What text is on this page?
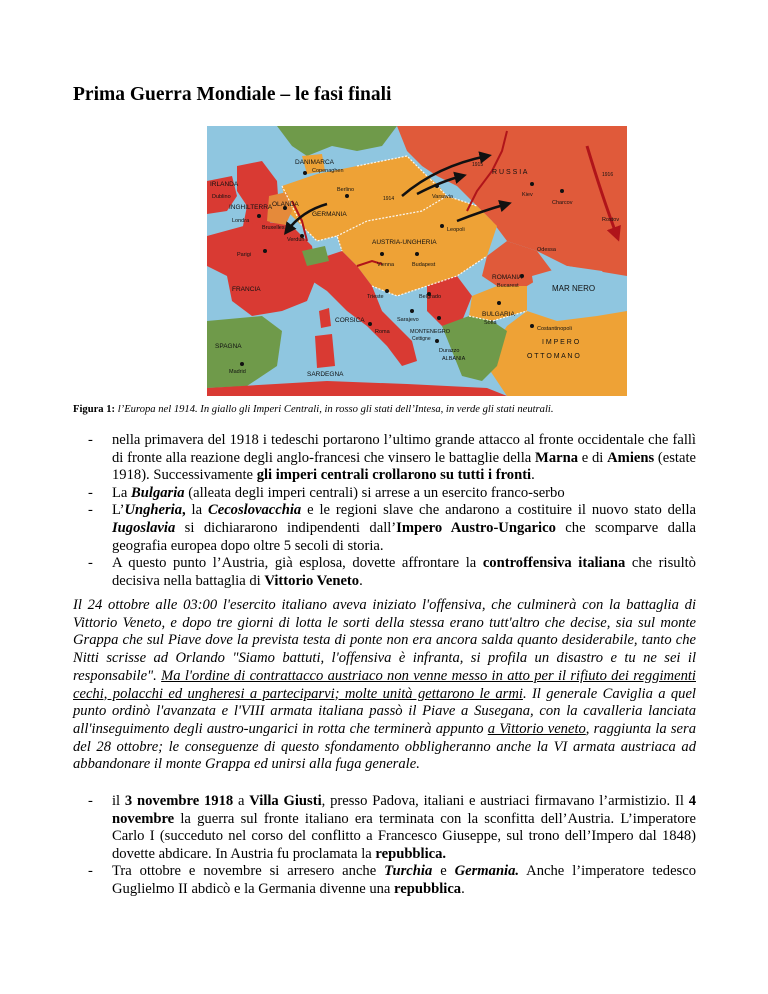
Prima Guerra Mondiale – le fasi finali
DANIMARCA
Copenaghen
IRLANDA
Dublino
INGHILTERRA
Londra
OLANDA
Bruxelles
Berlino
GERMANIA
R U S S I A
Varsavia	Kiev
Charcov
Rostov
Leopoli
Parigi
Verdun
FRANCIA
AUSTRIA-UNGHERIA
Vienna	Budapest
Odessa
ROMANIA
Bucarest	MAR NERO
Trieste	Belgrado
Sarajevo
BULGARIA
Sofia
MONTENEGRO
Cettigne
Costantinopoli
I M P E R O
O T T O M A N O
SPAGNA
Madrid
CORSICA
SARDEGNA
Roma
Durazzo
ALBANIA
1914
1915
1916
Figura 1: l’Europa nel 1914. In giallo gli Imperi Centrali, in rosso gli stati dell’Intesa, in verde gli stati neutrali.
- nella primavera del 1918 i tedeschi portarono l’ultimo grande attacco al fronte occidentale che fallì di fronte alla reazione degli anglo-francesi che vinsero le battaglie della Marna e di Amiens (estate 1918). Successivamente gli imperi centrali crollarono su tutti i fronti.
- La Bulgaria (alleata degli imperi centrali) si arrese a un esercito franco-serbo
- L’Ungheria, la Cecoslovacchia e le regioni slave che andarono a costituire il nuovo stato della Iugoslavia si dichiararono indipendenti dall’Impero Austro-Ungarico che scomparve dalla geografia europea dopo oltre 5 secoli di storia.
- A questo punto l’Austria, già esplosa, dovette affrontare la controffensiva italiana che risultò decisiva nella battaglia di Vittorio Veneto.
Il 24 ottobre alle 03:00 l'esercito italiano aveva iniziato l'offensiva, che culminerà con la battaglia di Vittorio Veneto, e dopo tre giorni di lotta le sorti della stessa erano tutt'altro che decise, sia sul monte Grappa che sul Piave dove la prevista testa di ponte non era ancora salda quanto desiderabile, tanto che Nitti scrisse ad Orlando "Siamo battuti, l'offensiva è infranta, si profila un disastro e tu ne sei il responsabile". Ma l'ordine di contrattacco austriaco non venne messo in atto per il rifiuto dei reggimenti cechi, polacchi ed ungheresi a parteciparvi; molte unità gettarono le armi. Il generale Caviglia a quel punto ordinò l'avanzata e l'VIII armata italiana passò il Piave a Susegana, con la cavalleria lanciata all'inseguimento degli austro-ungarici in rotta che terminerà appunto a Vittorio veneto, raggiunta la sera del 28 ottobre; le conseguenze di questo sfondamento obbligheranno anche la VI armata austriaca ad abbandonare il monte Grappa ed unirsi alla fuga generale.
- il 3 novembre 1918 a Villa Giusti, presso Padova, italiani e austriaci firmavano l’armistizio. Il 4 novembre la guerra sul fronte italiano era terminata con la sconfitta dell’Austria. L’imperatore Carlo I (succeduto nel corso del conflitto a Francesco Giuseppe, sul trono dell’Impero dal 1848) dovette abdicare. In Austria fu proclamata la repubblica.
- Tra ottobre e novembre si arresero anche Turchia e Germania. Anche l’imperatore tedesco Guglielmo II abdicò e la Germania divenne una repubblica.
